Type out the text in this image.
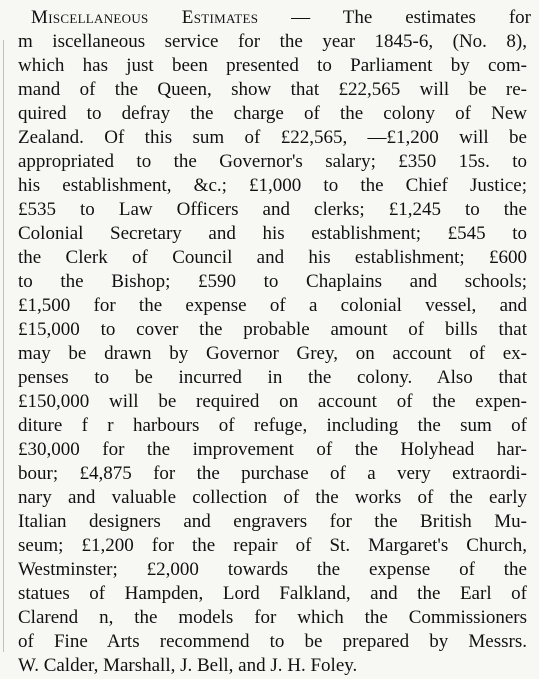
Miscellaneous Estimates — The estimates for
m iscellaneous service for the year 1845-6, (No. 8),
which has just been presented to Parliament by com-
mand of the Queen, show that £22,565 will be re-
quired to defray the charge of the colony of New
Zealand. Of this sum of £22,565, —£1,200 will be
appropriated to the Governor's salary; £350 15s. to
his establishment, &c.; £1,000 to the Chief Justice;
£535 to Law Officers and clerks; £1,245 to the
Colonial Secretary and his establishment; £545 to
the Clerk of Council and his establishment; £600
to the Bishop; £590 to Chaplains and schools;
£1,500 for the expense of a colonial vessel, and
£15,000 to cover the probable amount of bills that
may be drawn by Governor Grey, on account of ex-
penses to be incurred in the colony. Also that
£150,000 will be required on account of the expen-
diture f r harbours of refuge, including the sum of
£30,000 for the improvement of the Holyhead har-
bour; £4,875 for the purchase of a very extraordi-
nary and valuable collection of the works of the early
Italian designers and engravers for the British Mu-
seum; £1,200 for the repair of St. Margaret's Church,
Westminster; £2,000 towards the expense of the
statues of Hampden, Lord Falkland, and the Earl of
Clarend n, the models for which the Commissioners
of Fine Arts recommend to be prepared by Messrs.
W. Calder, Marshall, J. Bell, and J. H. Foley.
